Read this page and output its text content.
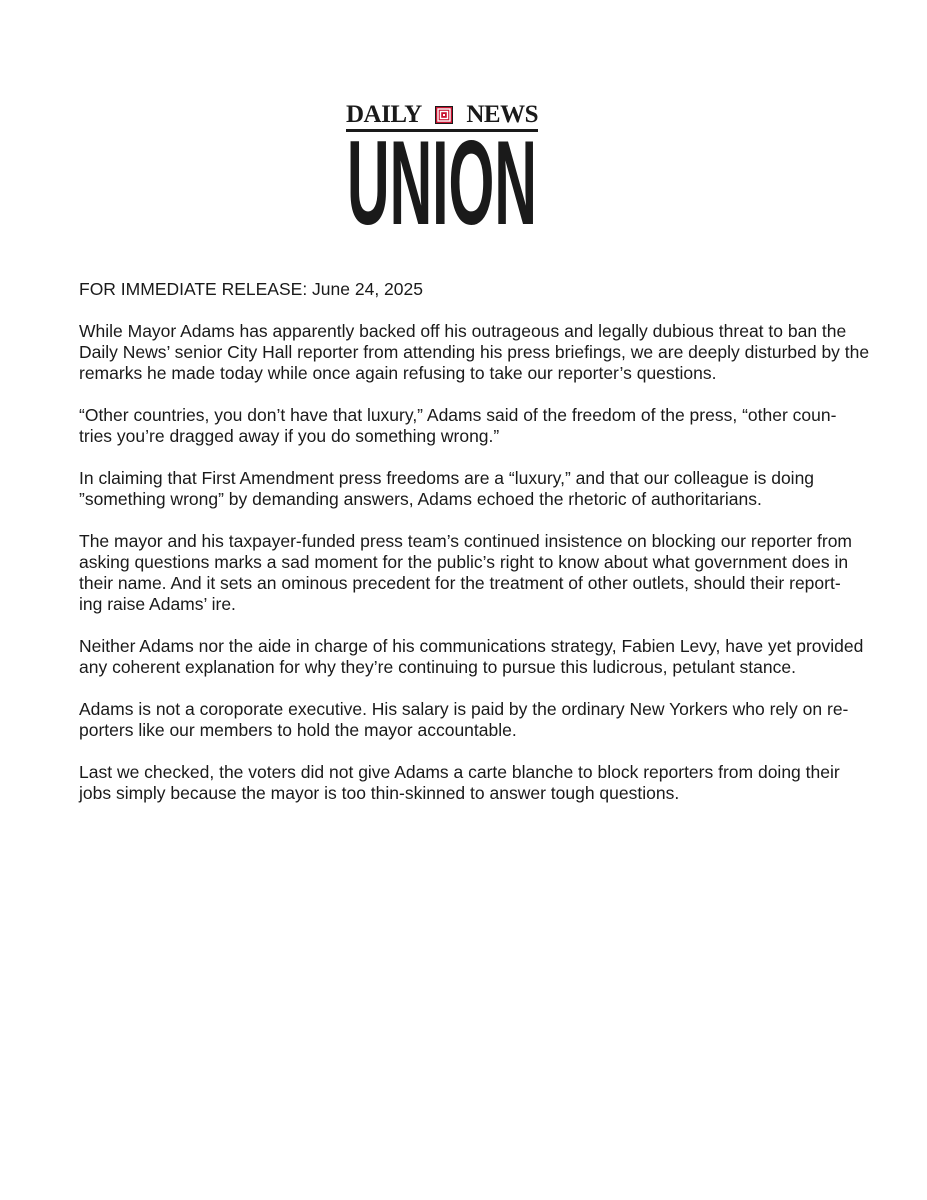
DAILY NEWS
UNION

FOR IMMEDIATE RELEASE: June 24, 2025

While Mayor Adams has apparently backed off his outrageous and legally dubious threat to ban the
Daily News’ senior City Hall reporter from attending his press briefings, we are deeply disturbed by the
remarks he made today while once again refusing to take our reporter’s questions.

“Other countries, you don’t have that luxury,” Adams said of the freedom of the press, “other coun-
tries you’re dragged away if you do something wrong.”

In claiming that First Amendment press freedoms are a “luxury,” and that our colleague is doing
”something wrong” by demanding answers, Adams echoed the rhetoric of authoritarians.

The mayor and his taxpayer-funded press team’s continued insistence on blocking our reporter from
asking questions marks a sad moment for the public’s right to know about what government does in
their name. And it sets an ominous precedent for the treatment of other outlets, should their report-
ing raise Adams’ ire.

Neither Adams nor the aide in charge of his communications strategy, Fabien Levy, have yet provided
any coherent explanation for why they’re continuing to pursue this ludicrous, petulant stance.

Adams is not a coroporate executive. His salary is paid by the ordinary New Yorkers who rely on re-
porters like our members to hold the mayor accountable.

Last we checked, the voters did not give Adams a carte blanche to block reporters from doing their
jobs simply because the mayor is too thin-skinned to answer tough questions.
